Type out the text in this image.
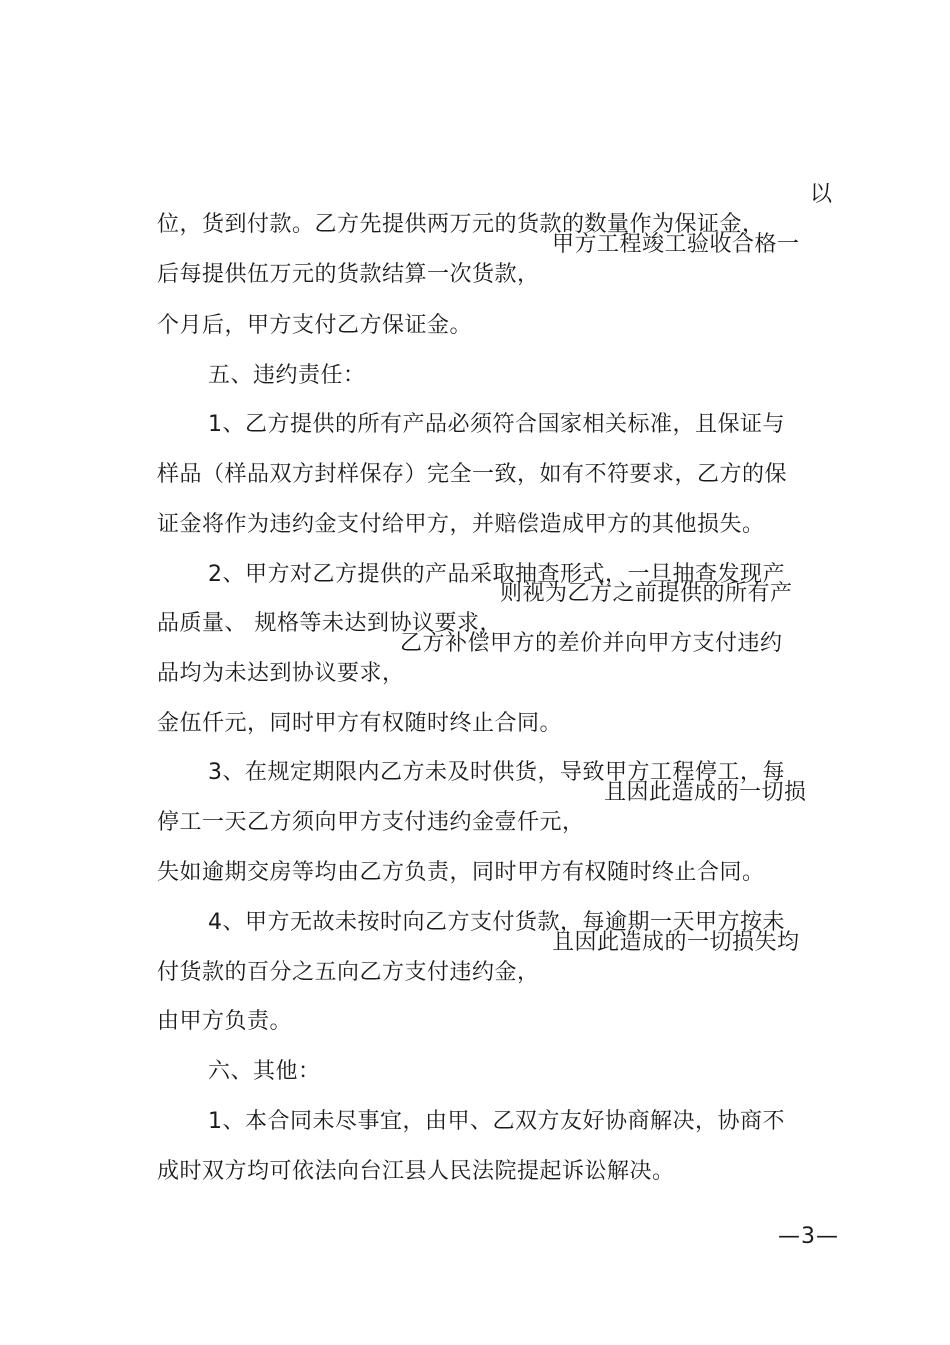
位，货到付款。乙方先提供两万元的货款的数量作为保证金，

以

后每提供伍万元的货款结算一次货款，

甲方工程竣工验收合格一

个月后，甲方支付乙方保证金。

五、违约责任：

1、乙方提供的所有产品必须符合国家相关标准，且保证与

样品（样品双方封样保存）完全一致，如有不符要求，乙方的保

证金将作为违约金支付给甲方，并赔偿造成甲方的其他损失。

2、甲方对乙方提供的产品采取抽查形式，一旦抽查发现产

品质量、 规格等未达到协议要求，

则视为乙方之前提供的所有产

品均为未达到协议要求，

乙方补偿甲方的差价并向甲方支付违约

金伍仟元，同时甲方有权随时终止合同。

3、在规定期限内乙方未及时供货，导致甲方工程停工，每

停工一天乙方须向甲方支付违约金壹仟元，

且因此造成的一切损

失如逾期交房等均由乙方负责，同时甲方有权随时终止合同。

4、甲方无故未按时向乙方支付货款，每逾期一天甲方按未

付货款的百分之五向乙方支付违约金，

且因此造成的一切损失均

由甲方负责。

六、其他：

1、本合同未尽事宜，由甲、乙双方友好协商解决，协商不

成时双方均可依法向台江县人民法院提起诉讼解决。

—3—
